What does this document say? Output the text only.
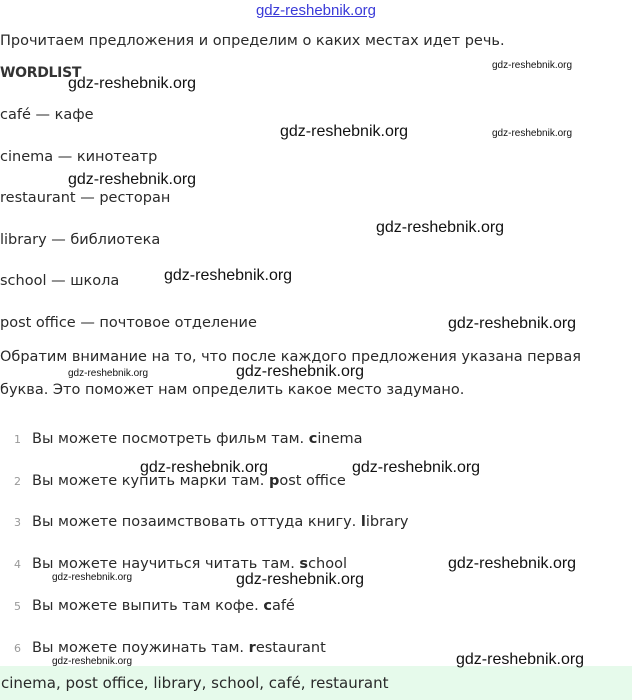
gdz-reshebnik.org
Прочитаем предложения и определим о каких местах идет речь.
WORDLIST
café — кафе
cinema — кинотеатр
restaurant — ресторан
library — библиотека
school — школа
post office — почтовое отделение
Обратим внимание на то, что после каждого предложения указана первая буква. Это поможет нам определить какое место задумано.
1 Вы можете посмотреть фильм там. cinema
2 Вы можете купить марки там. post office
3 Вы можете позаимствовать оттуда книгу. library
4 Вы можете научиться читать там. school
5 Вы можете выпить там кофе. café
6 Вы можете поужинать там. restaurant
cinema, post office, library, school, café, restaurant
gdz-reshebnik.org
gdz-reshebnik.org
gdz-reshebnik.org	gdz-reshebnik.org
gdz-reshebnik.org
gdz-reshebnik.org
gdz-reshebnik.org
gdz-reshebnik.org
gdz-reshebnik.org	gdz-reshebnik.org
gdz-reshebnik.org	gdz-reshebnik.org
gdz-reshebnik.org
gdz-reshebnik.org	gdz-reshebnik.org
gdz-reshebnik.org	gdz-reshebnik.org
